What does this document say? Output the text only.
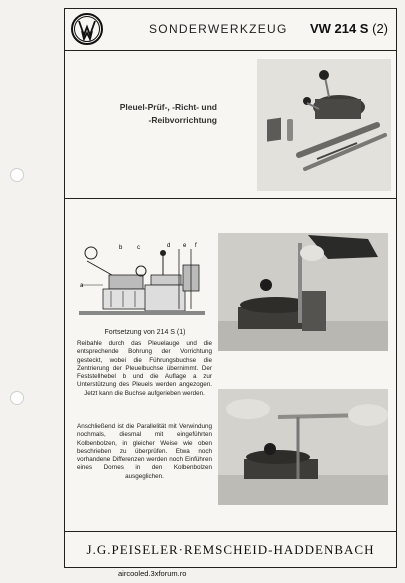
SONDERWERKZEUG VW 214 S (2)
Pleuel-Prüf-, -Richt- und
-Reibvorrichtung
a
b c	d e f
Fortsetzung von 214 S (1)

Reibahle durch das Pleuelauge und die entsprechende Bohrung der Vorrichtung gesteckt, wobei die Führungsbuchse die Zentrierung der Pleuelbuchse übernimmt. Der Feststellhebel b und die Auflage a zur Unterstützung des Pleuels werden angezogen. Jetzt kann die Buchse aufgerieben werden.

Anschließend ist die Parallelität mit Verwindung nochmals, diesmal mit eingeführten Kolbenbolzen, in gleicher Weise wie oben beschrieben zu überprüfen. Etwa noch vorhandene Differenzen werden noch Einführen eines Dornes in den Kolbenbolzen ausgeglichen.

J.G.PEISELER·REMSCHEID-HADDENBACH
aircooled.3xforum.ro
